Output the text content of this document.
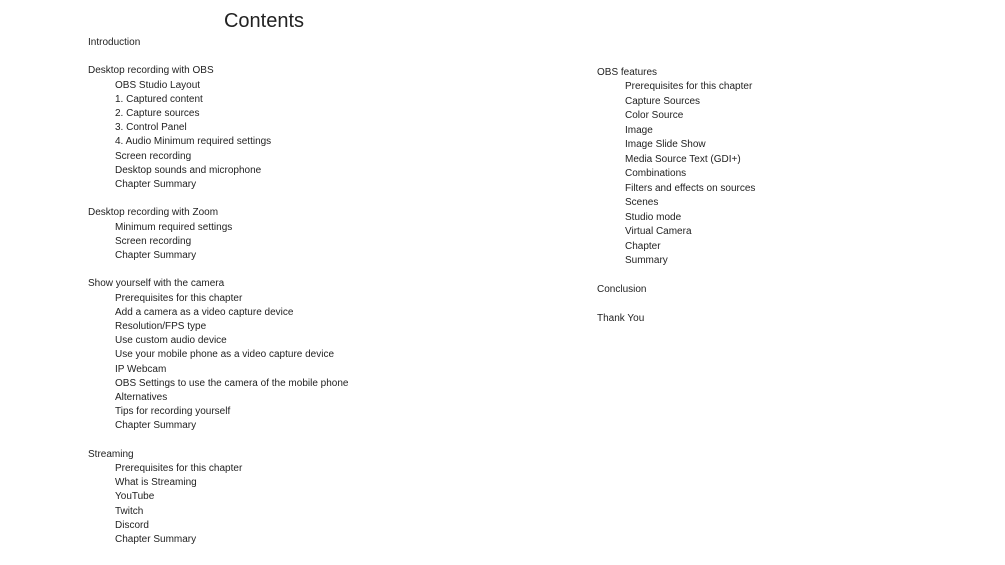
Contents
Introduction
Desktop recording with OBS
OBS Studio Layout
1. Captured content
2. Capture sources
3. Control Panel
4. Audio Minimum required settings
Screen recording
Desktop sounds and microphone
Chapter Summary
Desktop recording with Zoom
Minimum required settings
Screen recording
Chapter Summary
Show yourself with the camera
Prerequisites for this chapter
Add a camera as a video capture device
Resolution/FPS type
Use custom audio device
Use your mobile phone as a video capture device
IP Webcam
OBS Settings to use the camera of the mobile phone
Alternatives
Tips for recording yourself
Chapter Summary
Streaming
Prerequisites for this chapter
What is Streaming
YouTube
Twitch
Discord
Chapter Summary
OBS features
Prerequisites for this chapter
Capture Sources
Color Source
Image
Image Slide Show
Media Source Text (GDI+)
Combinations
Filters and effects on sources
Scenes
Studio mode
Virtual Camera
Chapter
Summary
Conclusion
Thank You
